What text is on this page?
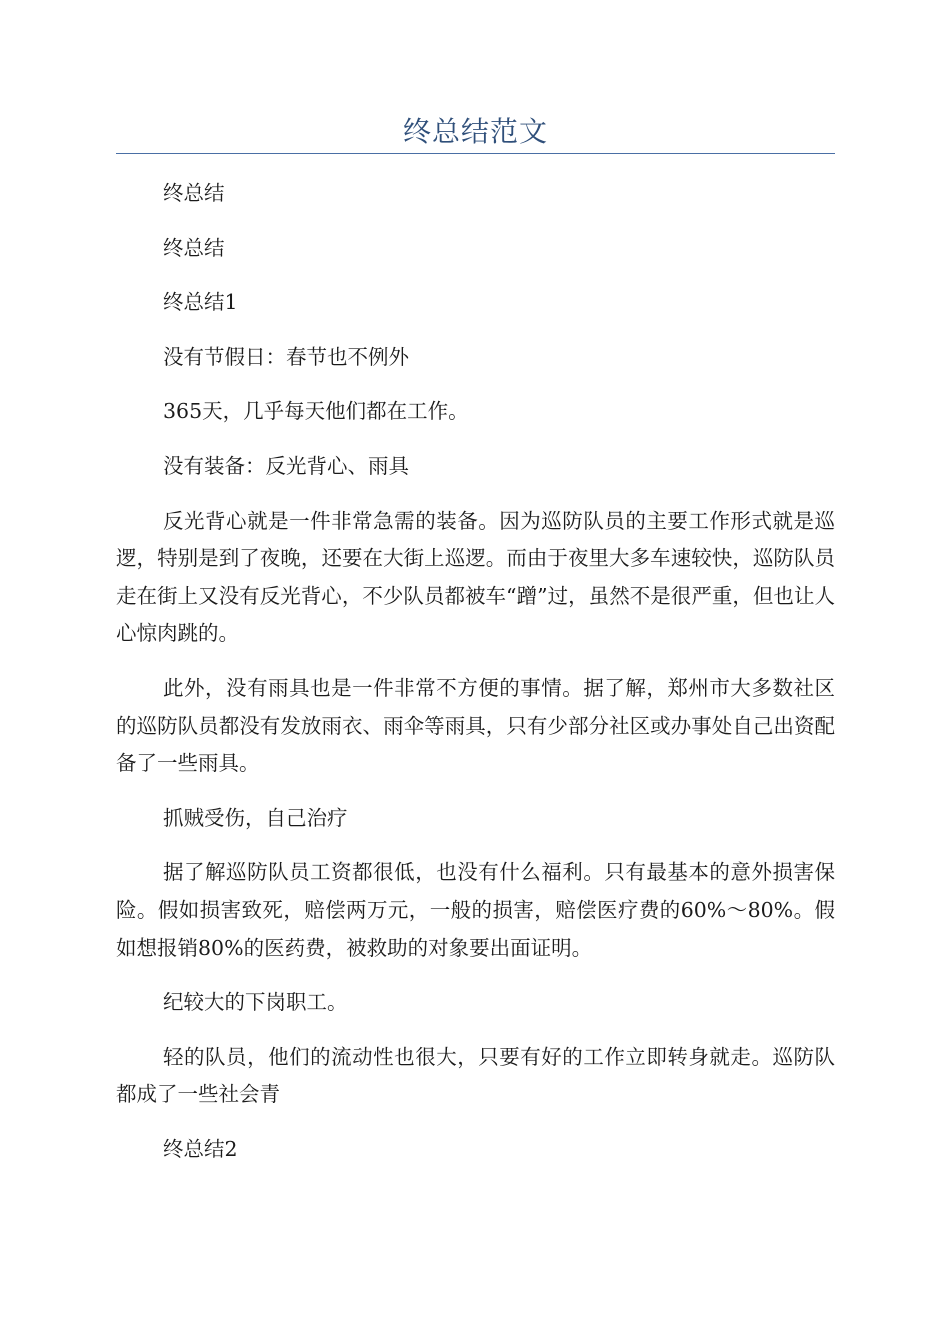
终总结范文

终总结

终总结

终总结1

没有节假日：春节也不例外

365天，几乎每天他们都在工作。

没有装备：反光背心、雨具

反光背心就是一件非常急需的装备。因为巡防队员的主要工作形式就是巡逻，特别是到了夜晚，还要在大街上巡逻。而由于夜里大多车速较快，巡防队员走在街上又没有反光背心，不少队员都被车“蹭”过，虽然不是很严重，但也让人心惊肉跳的。

此外，没有雨具也是一件非常不方便的事情。据了解，郑州市大多数社区的巡防队员都没有发放雨衣、雨伞等雨具，只有少部分社区或办事处自己出资配备了一些雨具。

抓贼受伤，自己治疗

据了解巡防队员工资都很低，也没有什么福利。只有最基本的意外损害保险。假如损害致死，赔偿两万元，一般的损害，赔偿医疗费的60%～80%。假如想报销80%的医药费，被救助的对象要出面证明。

纪较大的下岗职工。

轻的队员，他们的流动性也很大，只要有好的工作立即转身就走。巡防队都成了一些社会青

终总结2
